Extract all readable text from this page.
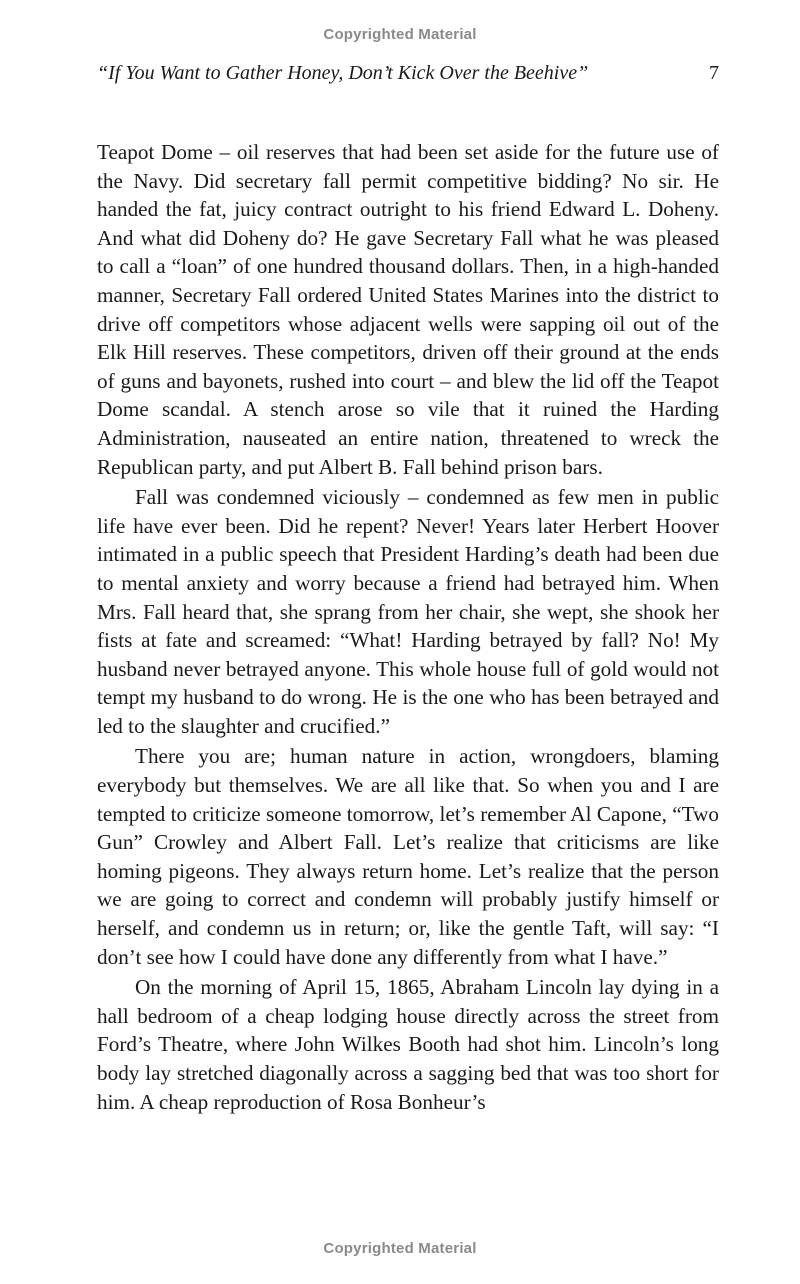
Copyrighted Material
“If You Want to Gather Honey, Don’t Kick Over the Beehive”	7

Teapot Dome – oil reserves that had been set aside for the future use of the Navy. Did secretary fall permit competitive bidding? No sir. He handed the fat, juicy contract outright to his friend Edward L. Doheny. And what did Doheny do? He gave Secretary Fall what he was pleased to call a “loan” of one hundred thousand dollars. Then, in a high-handed manner, Secretary Fall ordered United States Marines into the district to drive off competitors whose adjacent wells were sapping oil out of the Elk Hill reserves. These competitors, driven off their ground at the ends of guns and bayonets, rushed into court – and blew the lid off the Teapot Dome scandal. A stench arose so vile that it ruined the Harding Administration, nauseated an entire nation, threatened to wreck the Republican party, and put Albert B. Fall behind prison bars.

Fall was condemned viciously – condemned as few men in public life have ever been. Did he repent? Never! Years later Herbert Hoover intimated in a public speech that President Harding’s death had been due to mental anxiety and worry because a friend had betrayed him. When Mrs. Fall heard that, she sprang from her chair, she wept, she shook her fists at fate and screamed: “What! Harding betrayed by fall? No! My husband never betrayed anyone. This whole house full of gold would not tempt my husband to do wrong. He is the one who has been betrayed and led to the slaughter and crucified.”

There you are; human nature in action, wrongdoers, blaming everybody but themselves. We are all like that. So when you and I are tempted to criticize someone tomorrow, let’s remember Al Capone, “Two Gun” Crowley and Albert Fall. Let’s realize that criticisms are like homing pigeons. They always return home. Let’s realize that the person we are going to correct and condemn will probably justify himself or herself, and condemn us in return; or, like the gentle Taft, will say: “I don’t see how I could have done any differently from what I have.”

On the morning of April 15, 1865, Abraham Lincoln lay dying in a hall bedroom of a cheap lodging house directly across the street from Ford’s Theatre, where John Wilkes Booth had shot him. Lincoln’s long body lay stretched diagonally across a sagging bed that was too short for him. A cheap reproduction of Rosa Bonheur’s

Copyrighted Material
